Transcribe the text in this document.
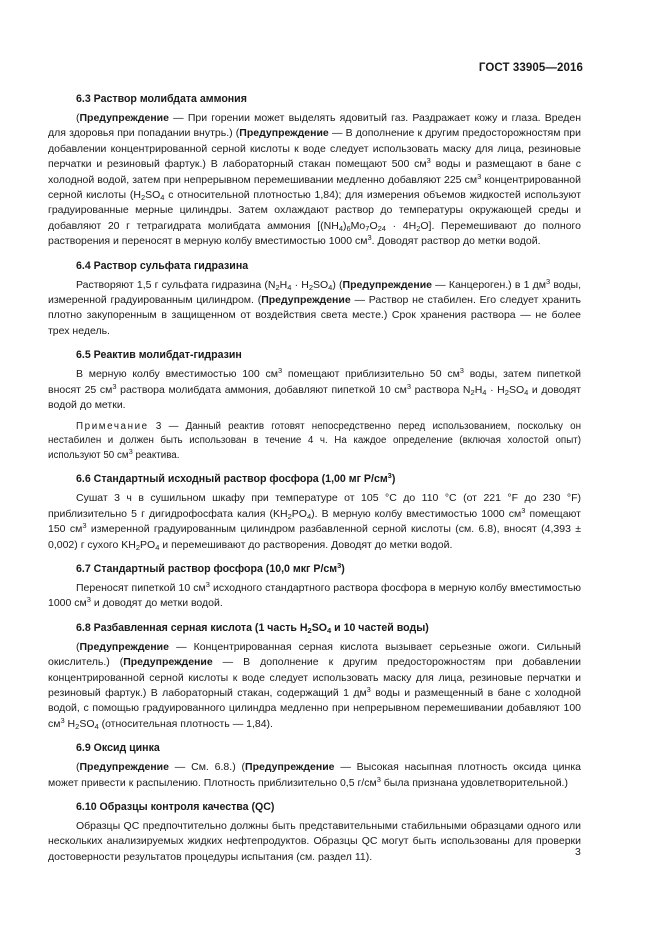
ГОСТ 33905—2016
6.3 Раствор молибдата аммония

(Предупреждение — При горении может выделять ядовитый газ. Раздражает кожу и глаза. Вреден для здоровья при попадании внутрь.) (Предупреждение — В дополнение к другим предосторожностям при добавлении концентрированной серной кислоты к воде следует использовать маску для лица, резиновые перчатки и резиновый фартук.) В лабораторный стакан помещают 500 $см^3$ воды и размещают в бане с холодной водой, затем при непрерывном перемешивании медленно добавляют 225 $см^3$ концентрированной серной кислоты ($H_2SO_4$ с относительной плотностью 1,84); для измерения объемов жидкостей используют градуированные мерные цилиндры. Затем охлаждают раствор до температуры окружающей среды и добавляют 20 г тетрагидрата молибдата аммония $[(NH_4)_6Mo_7O_{24} \cdot 4H_2O]$. Перемешивают до полного растворения и переносят в мерную колбу вместимостью 1000 $см^3$. Доводят раствор до метки водой.

6.4 Раствор сульфата гидразина

Растворяют 1,5 г сульфата гидразина $(N_2H_4 \cdot H_2SO_4)$ (Предупреждение — Канцероген.) в 1 $дм^3$ воды, измеренной градуированным цилиндром. (Предупреждение — Раствор не стабилен. Его следует хранить плотно закупоренным в защищенном от воздействия света месте.) Срок хранения раствора — не более трех недель.

6.5 Реактив молибдат-гидразин

В мерную колбу вместимостью 100 $см^3$ помещают приблизительно 50 $см^3$ воды, затем пипеткой вносят 25 $см^3$ раствора молибдата аммония, добавляют пипеткой 10 $см^3$ раствора $N_2H_4 \cdot H_2SO_4$ и доводят водой до метки.

Примечание 3 — Данный реактив готовят непосредственно перед использованием, поскольку он нестабилен и должен быть использован в течение 4 ч. На каждое определение (включая холостой опыт) используют 50 $см^3$ реактива.

6.6 Стандартный исходный раствор фосфора (1,00 мг $P/см^3$)

Сушат 3 ч в сушильном шкафу при температуре от 105 °C до 110 °C (от 221 °F до 230 °F) приблизительно 5 г дигидрофосфата калия $(KH_2PO_4)$. В мерную колбу вместимостью 1000 $см^3$ помещают 150 $см^3$ измеренной градуированным цилиндром разбавленной серной кислоты (см. 6.8), вносят (4,393 ± 0,002) г сухого $KH_2PO_4$ и перемешивают до растворения. Доводят до метки водой.

6.7 Стандартный раствор фосфора (10,0 мкг $P/см^3$)

Переносят пипеткой 10 $см^3$ исходного стандартного раствора фосфора в мерную колбу вместимостью 1000 $см^3$ и доводят до метки водой.

6.8 Разбавленная серная кислота (1 часть $H_2SO_4$ и 10 частей воды)

(Предупреждение — Концентрированная серная кислота вызывает серьезные ожоги. Сильный окислитель.) (Предупреждение — В дополнение к другим предосторожностям при добавлении концентрированной серной кислоты к воде следует использовать маску для лица, резиновые перчатки и резиновый фартук.) В лабораторный стакан, содержащий 1 $дм^3$ воды и размещенный в бане с холодной водой, с помощью градуированного цилиндра медленно при непрерывном перемешивании добавляют 100 $см^3$ $H_2SO_4$ (относительная плотность — 1,84).

6.9 Оксид цинка

(Предупреждение — См. 6.8.) (Предупреждение — Высокая насыпная плотность оксида цинка может привести к распылению. Плотность приблизительно 0,5 $г/см^3$ была признана удовлетворительной.)

6.10 Образцы контроля качества (QC)

Образцы QC предпочтительно должны быть представительными стабильными образцами одного или нескольких анализируемых жидких нефтепродуктов. Образцы QC могут быть использованы для проверки достоверности результатов процедуры испытания (см. раздел 11).	3
